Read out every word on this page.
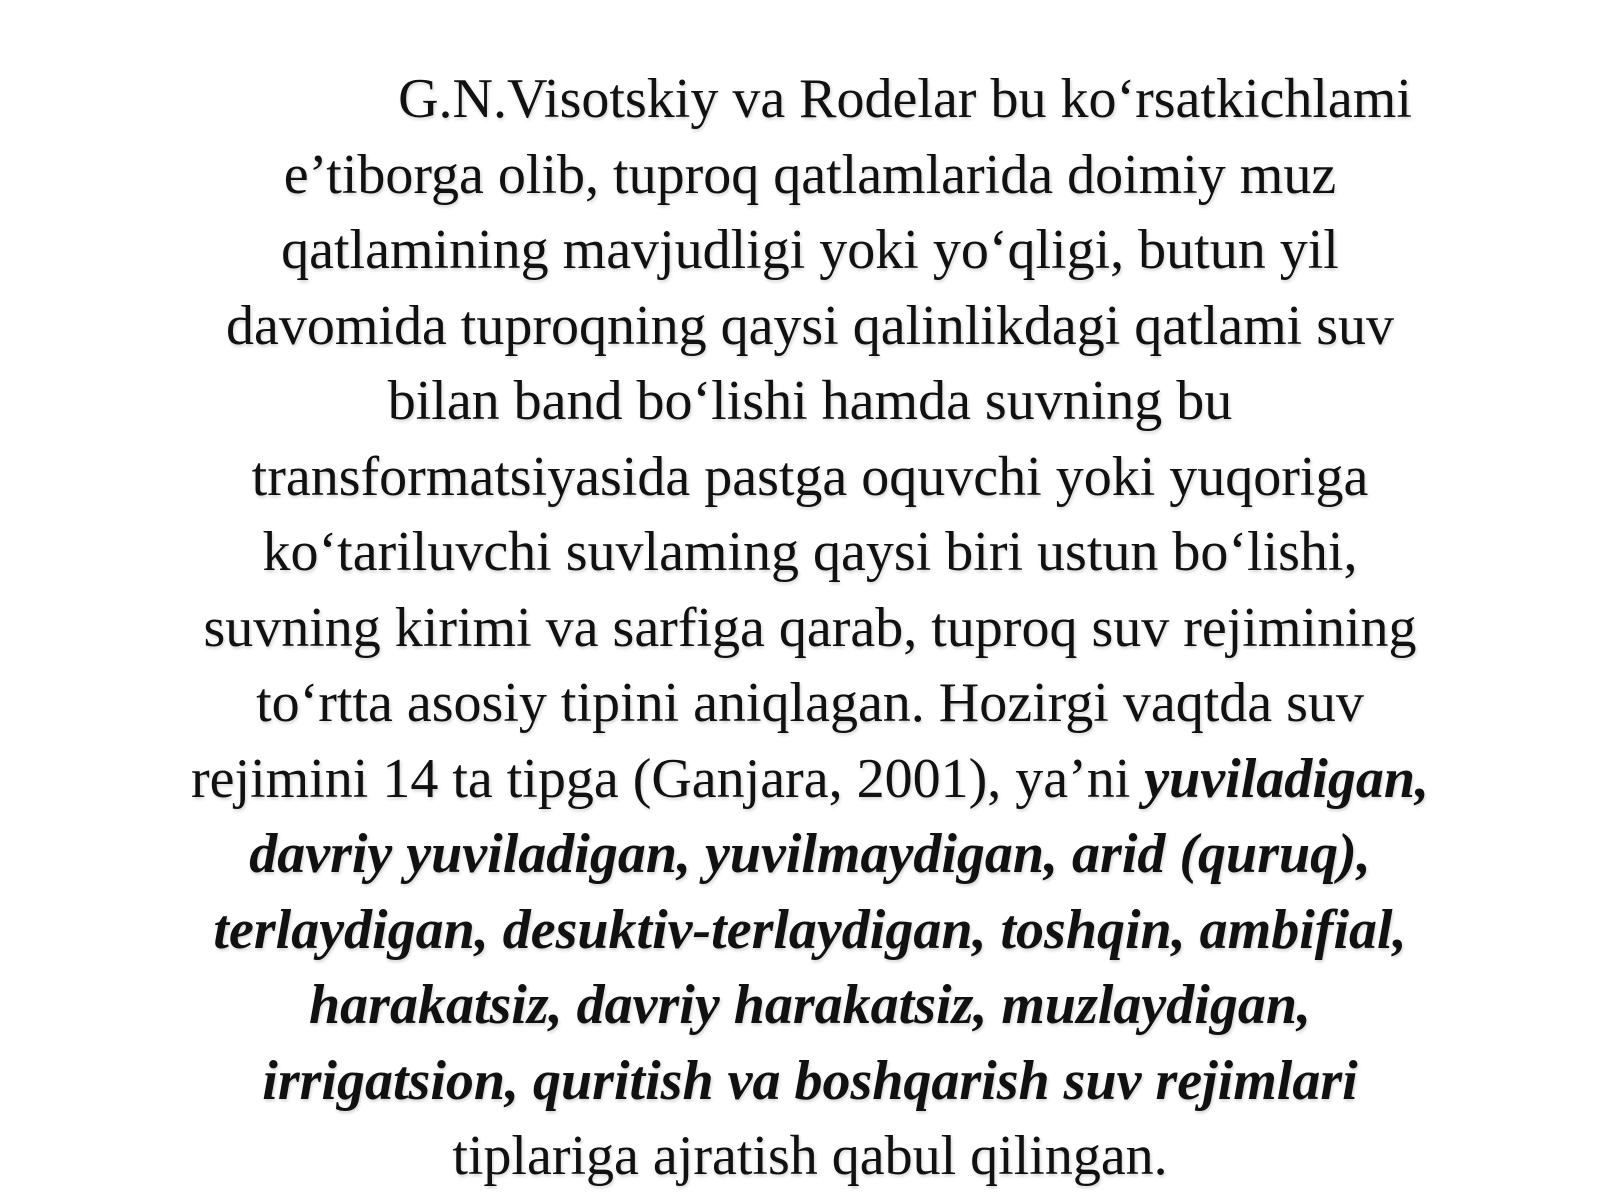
G.N.Visotskiy va Rodelar bu ko‘rsatkichlami
e’tiborga olib, tuproq qatlamlarida doimiy muz
qatlamining mavjudligi yoki yo‘qligi, butun yil
davomida tuproqning qaysi qalinlikdagi qatlami suv
bilan band bo‘lishi hamda suvning bu
transformatsiyasida pastga oquvchi yoki yuqoriga
ko‘tariluvchi suvlaming qaysi biri ustun bo‘lishi,
suvning kirimi va sarfiga qarab, tuproq suv rejimining
to‘rtta asosiy tipini aniqlagan. Hozirgi vaqtda suv
rejimini 14 ta tipga (Ganjara, 2001), ya’ni yuviladigan,
davriy yuviladigan, yuvilmaydigan, arid (quruq),
terlaydigan, desuktiv-terlaydigan, toshqin, ambifial,
harakatsiz, davriy harakatsiz, muzlaydigan,
irrigatsion, quritish va boshqarish suv rejimlari
tiplariga ajratish qabul qilingan.
